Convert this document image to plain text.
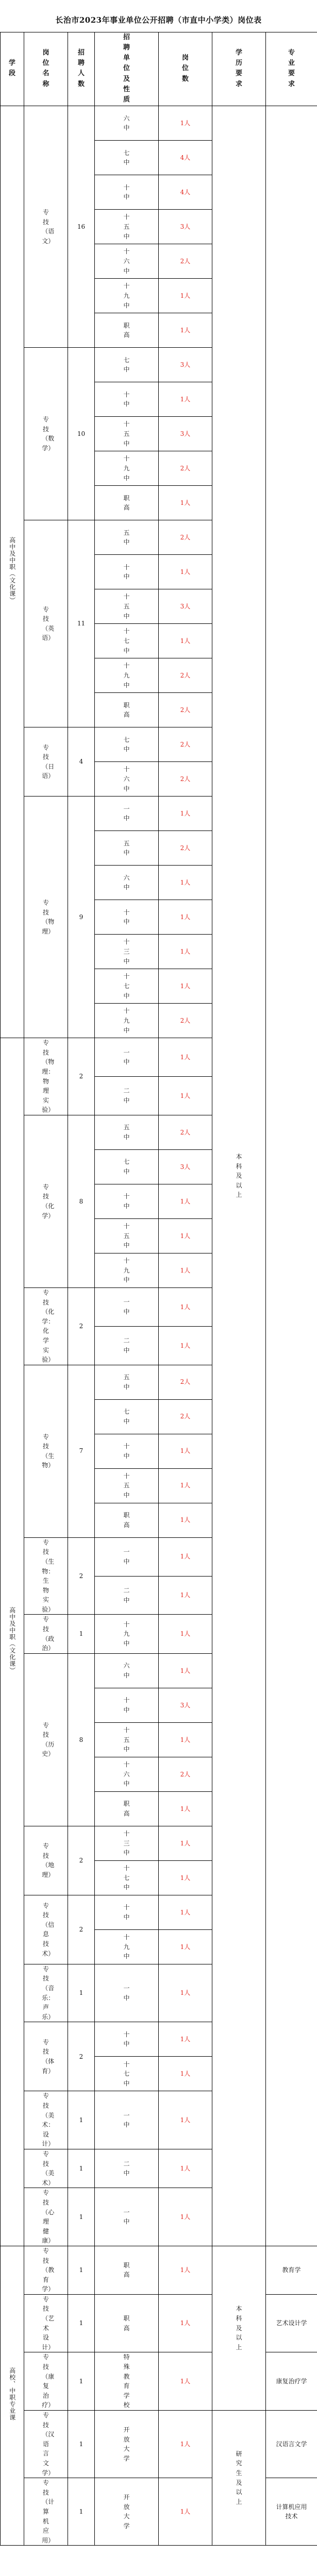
长治市2023年事业单位公开招聘（市直中小学类）岗位表
学段	岗位名称	招聘人数	招聘单位及性质	岗位数	学历要求	专业要求
高中及中职（文化课）	专技（语文）	16	六中	1人	本科及以上	
			七中	4人		
			十中	4人		
			十五中	3人		
			十六中	2人		
			十九中	1人		
			职高	1人		
	专技（数学）	10	七中	3人		
			十中	1人		
			十五中	3人		
			十九中	2人		
			职高	1人		
	专技（英语）	11	五中	2人		
			十中	1人		
			十五中	3人		
			十七中	1人		
			十九中	2人		
			职高	2人		
	专技（日语）	4	七中	2人		
			十六中	2人		
	专技（物理）	9	一中	1人		
			五中	2人		
			六中	1人		
			十中	1人		
			十三中	1人		
			十七中	1人		
			十九中	2人		
高中及中职（文化课）	专技（物理：物理实验）	2	一中	1人		
			二中	1人		
	专技（化学）	8	五中	2人		
			七中	3人		
			十中	1人		
			十五中	1人		
			十九中	1人		
	专技（化学：化学实验）	2	一中	1人		
			二中	1人		
	专技（生物）	7	五中	2人		
			七中	2人		
			十中	1人		
			十五中	1人		
			职高	1人		
	专技（生物：生物实验）	2	一中	1人		
			二中	1人		
	专技（政治）	1	十九中	1人		
	专技（历史）	8	六中	1人		
			十中	3人		
			十五中	1人		
			十六中	2人		
			职高	1人		
	专技（地理）	2	十三中	1人		
			十七中	1人		
	专技（信息技术）	2	十中	1人		
			十九中	1人		
	专技（音乐：声乐）	1	一中	1人		
	专技（体育）	2	十中	1人		
			十七中	1人		
	专技（美术：设计）	1	一中	1人		
	专技（美术）	1	二中	1人		
	专技（心理健康）	1	一中	1人		
高校、中职专业课	专技（教育学）	1	职高	1人	本科及以上	教育学
	专技（艺术设计）	1	职高	1人		艺术设计学
	专技（康复治疗）	1	特殊教育学校	1人		康复治疗学
	专技（汉语言文学）	1	开放大学	1人	研究生及以上	汉语言文学
	专技（计算机应用）	1	开放大学	1人		计算机应用技术
